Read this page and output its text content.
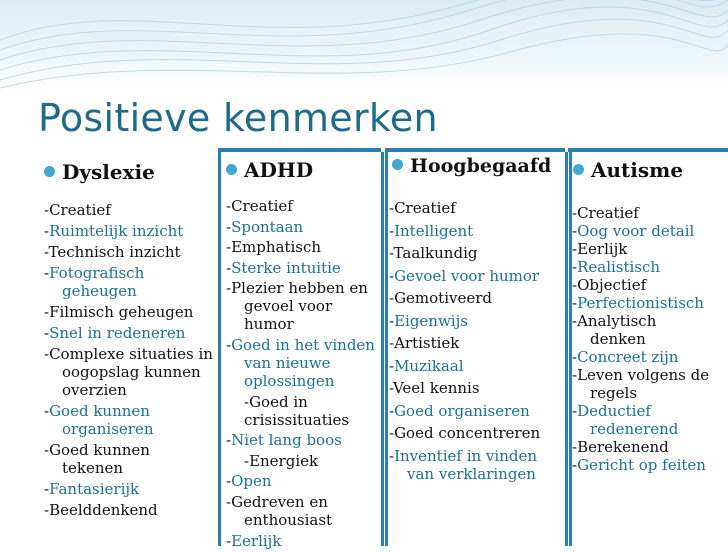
Positieve kenmerken
Dyslexie	ADHD	Hoogbegaafd	Autisme
-Creatief
-Ruimtelijk inzicht
-Technisch inzicht
-Fotografisch
geheugen
-Filmisch geheugen
-Snel in redeneren
-Complexe situaties in
oogopslag kunnen
overzien
-Goed kunnen
organiseren
-Goed kunnen
tekenen
-Fantasierijk
-Beelddenkend
-Creatief
-Spontaan
-Emphatisch
-Sterke intuitie
-Plezier hebben en
gevoel voor
humor
-Goed in het vinden
van nieuwe
oplossingen
-Goed in
crisissituaties
-Niet lang boos
-Energiek
-Open
-Gedreven en
enthousiast
-Eerlijk
-Creatief
-Intelligent
-Taalkundig
-Gevoel voor humor
-Gemotiveerd
-Eigenwijs
-Artistiek
-Muzikaal
-Veel kennis
-Goed organiseren
-Goed concentreren
-Inventief in vinden
van verklaringen
-Creatief
-Oog voor detail
-Eerlijk
-Realistisch
-Objectief
-Perfectionistisch
-Analytisch
denken
-Concreet zijn
-Leven volgens de
regels
-Deductief
redenerend
-Berekenend
-Gericht op feiten
